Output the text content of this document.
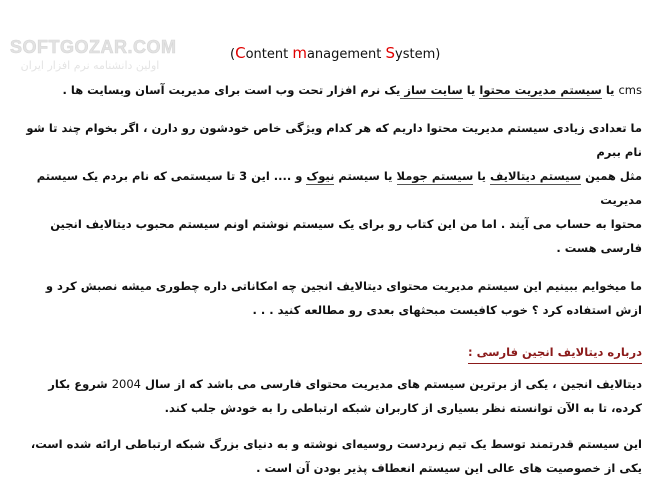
SOFTGOZAR.COM
اولین دانشنامه نرم افزار ایران
(Content management System)

cms یا سیستم مدیریت محتوا یا سایت ساز یک نرم افزار تحت وب است برای مدیریت آسان وبسایت ها .

ما تعدادی زیادی سیستم مدیریت محتوا داریم که هر کدام ویژگی خاص خودشون رو دارن ، اگر بخوام چند تا شو نام ببرم
مثل همین سیستم دیتالایف یا سیستم جوملا یا سیستم نیوک و .... این 3 تا سیستمی که نام بردم یک سیستم مدیریت
محتوا به حساب می آیند . اما من این کتاب رو برای یک سیستم نوشتم اونم سیستم محبوب دیتالایف انجین فارسی هست .

ما میخوایم ببینیم این سیستم مدیریت محتوای دیتالایف انجین چه امکاناتی داره چطوری میشه نصبش کرد و ازش استفاده کرد ؟ خوب کافیست مبحثهای بعدی رو مطالعه کنید . . .

درباره دیتالایف انجین فارسی :

دیتالایف انجین ، یکی از برترین سیستم های مدیریت محتوای فارسی می باشد که از سال 2004 شروع بکار کرده، تا به الآن توانسته نظر بسیاری از کاربران شبکه ارتباطی را به خودش جلب کند.

این سیستم قدرتمند توسط یک تیم زبردست روسیه‌ای نوشته و به دنیای بزرگ شبکه ارتباطی ارائه شده است، یکی از خصوصیت های عالی این سیستم انعطاف پذیر بودن آن است .
